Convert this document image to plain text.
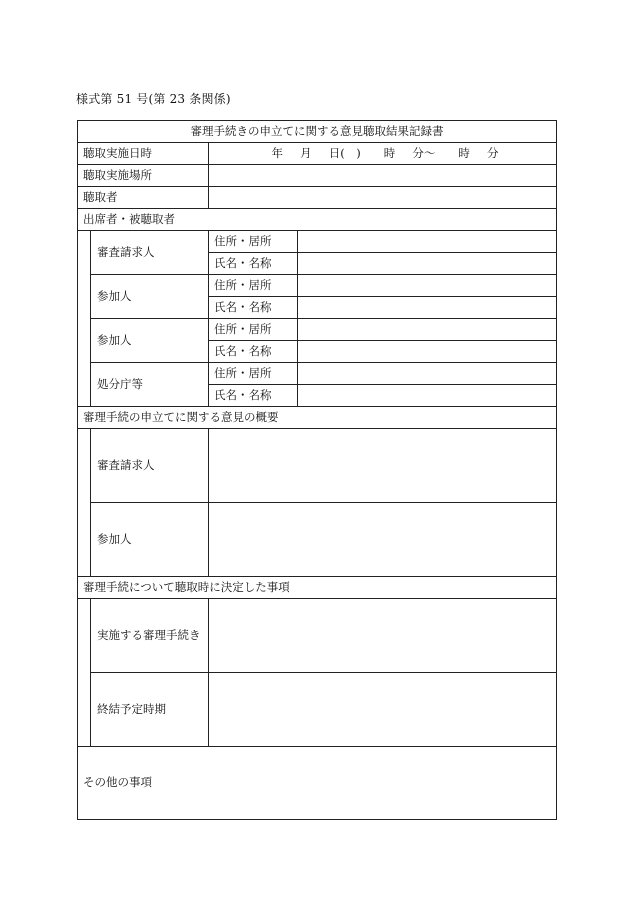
様式第 51 号(第 23 条関係)
審理手続きの申立てに関する意見聴取結果記録書			
聴取実施日時		年　 月　 日(　)　　時　 分～　　時　 分	

聴取実施場所			
聴取者			
出席者・被聴取者			
	審査請求人	住所・居所	
		氏名・名称	
	参加人	住所・居所	
		氏名・名称	
	参加人	住所・居所	
		氏名・名称	
	処分庁等	住所・居所	
		氏名・名称	
審理手続の申立てに関する意見の概要			
	審査請求人		
	参加人		
審理手続について聴取時に決定した事項			
	実施する審理手続き		
	終結予定時期		
その他の事項			
